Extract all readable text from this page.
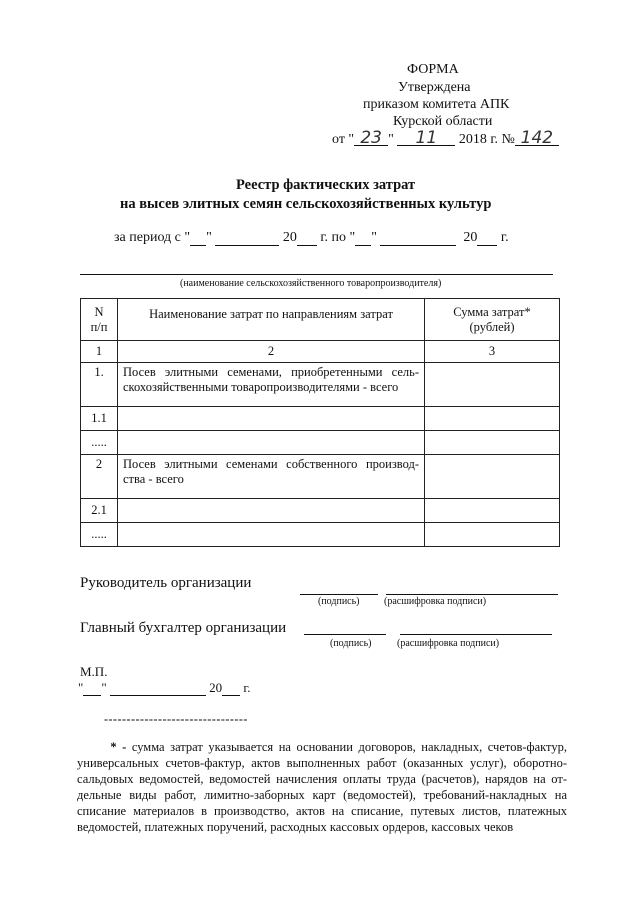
ФОРМА
Утверждена
приказом комитета АПК
Курской области
от " 23 " 11 2018 г. № 142
Реестр фактических затрат
на высев элитных семян сельскохозяйственных культур
за период с " "	20 г. по " "	20 г.
(наименование сельскохозяйственного товаропроизводителя)
N
п/п	Наименование затрат по направлениям затрат	Сумма затрат*
(рублей)
1	2	3
1.	Посев элитными семенами, приобретенными сель-скохозяйственными товаропроизводителями - всего	
1.1		
.....		
2	Посев элитными семенами собственного производ-ства - всего	
2.1		
.....		
Руководитель организации
(подпись) (расшифровка подписи)
Главный бухгалтер организации
(подпись)	(расшифровка подписи)
М.П.
" "	20 г.
--------------------------------
* - сумма затрат указывается на основании договоров, накладных, счетов-фактур, универсальных счетов-фактур, актов выполненных работ (оказанных услуг), оборотно-сальдовых ведомостей, ведомостей начисления оплаты труда (расчетов), нарядов на от-дельные виды работ, лимитно-заборных карт (ведомостей), требований-накладных на списание материалов в производство, актов на списание, путевых листов, платежных ведомостей, платежных поручений, расходных кассовых ордеров, кассовых чеков
